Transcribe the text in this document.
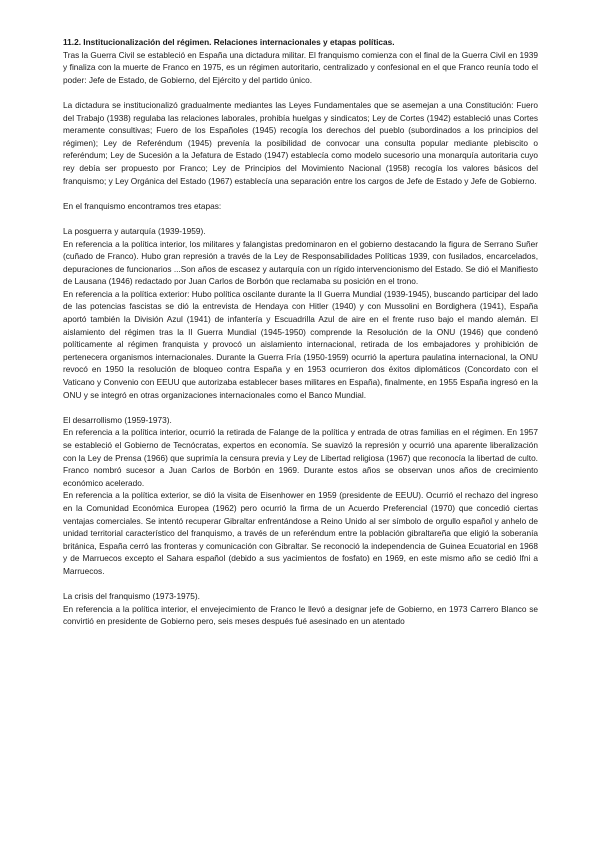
11.2. Institucionalización del régimen. Relaciones internacionales y etapas políticas.

Tras la Guerra Civil se estableció en España una dictadura militar. El franquismo comienza con el final de la Guerra Civil en 1939 y finaliza con la muerte de Franco en 1975, es un régimen autoritario, centralizado y confesional en el que Franco reunía todo el poder: Jefe de Estado, de Gobierno, del Ejército y del partido único.

La dictadura se institucionalizó gradualmente mediantes las Leyes Fundamentales que se asemejan a una Constitución: Fuero del Trabajo (1938) regulaba las relaciones laborales, prohibía huelgas y sindicatos; Ley de Cortes (1942) estableció unas Cortes meramente consultivas; Fuero de los Españoles (1945) recogía los derechos del pueblo (subordinados a los principios del régimen); Ley de Referéndum (1945) prevenía la posibilidad de convocar una consulta popular mediante plebiscito o referéndum; Ley de Sucesión a la Jefatura de Estado (1947) establecía como modelo sucesorio una monarquía autoritaria cuyo rey debía ser propuesto por Franco; Ley de Principios del Movimiento Nacional (1958) recogía los valores básicos del franquismo; y Ley Orgánica del Estado (1967) establecía una separación entre los cargos de Jefe de Estado y Jefe de Gobierno.

En el franquismo encontramos tres etapas:

La posguerra y autarquía (1939-1959).

En referencia a la política interior, los militares y falangistas predominaron en el gobierno destacando la figura de Serrano Suñer (cuñado de Franco). Hubo gran represión a través de la Ley de Responsabilidades Políticas 1939, con fusilados, encarcelados, depuraciones de funcionarios ...Son años de escasez y autarquía con un rígido intervencionismo del Estado. Se dió el Manifiesto de Lausana (1946) redactado por Juan Carlos de Borbón que reclamaba su posición en el trono.

En referencia a la política exterior: Hubo política oscilante durante la II Guerra Mundial (1939-1945), buscando participar del lado de las potencias fascistas se dió la entrevista de Hendaya con Hitler (1940) y con Mussolini en Bordighera (1941), España aportó también la División Azul (1941) de infantería y Escuadrilla Azul de aire en el frente ruso bajo el mando alemán. El aislamiento del régimen tras la II Guerra Mundial (1945-1950) comprende la Resolución de la ONU (1946) que condenó políticamente al régimen franquista y provocó un aislamiento internacional, retirada de los embajadores y prohibición de pertenecera organismos internacionales. Durante la Guerra Fría (1950-1959) ocurrió la apertura paulatina internacional, la ONU revocó en 1950 la resolución de bloqueo contra España y en 1953 ocurrieron dos éxitos diplomáticos (Concordato con el Vaticano y Convenio con EEUU que autorizaba establecer bases militares en España), finalmente, en 1955 España ingresó en la ONU y se integró en otras organizaciones internacionales como el Banco Mundial.

El desarrollismo (1959-1973).

En referencia a la política interior, ocurrió la retirada de Falange de la política y entrada de otras familias en el régimen. En 1957 se estableció el Gobierno de Tecnócratas, expertos en economía. Se suavizó la represión y ocurrió una aparente liberalización con la Ley de Prensa (1966) que suprimía la censura previa y Ley de Libertad religiosa (1967) que reconocía la libertad de culto. Franco nombró sucesor a Juan Carlos de Borbón en 1969. Durante estos años se observan unos años de crecimiento económico acelerado.

En referencia a la política exterior, se dió la visita de Eisenhower en 1959 (presidente de EEUU). Ocurrió el rechazo del ingreso en la Comunidad Económica Europea (1962) pero ocurrió la firma de un Acuerdo Preferencial (1970) que concedió ciertas ventajas comerciales. Se intentó recuperar Gibraltar enfrentándose a Reino Unido al ser símbolo de orgullo español y anhelo de unidad territorial característico del franquismo, a través de un referéndum entre la población gibraltareña que eligió la soberanía británica, España cerró las fronteras y comunicación con Gibraltar. Se reconoció la independencia de Guinea Ecuatorial en 1968 y de Marruecos excepto el Sahara español (debido a sus yacimientos de fosfato) en 1969, en este mismo año se cedió Ifni a Marruecos.

La crisis del franquismo (1973-1975).

En referencia a la política interior, el envejecimiento de Franco le llevó a designar jefe de Gobierno, en 1973 Carrero Blanco se convirtió en presidente de Gobierno pero, seis meses después fué asesinado en un atentado
